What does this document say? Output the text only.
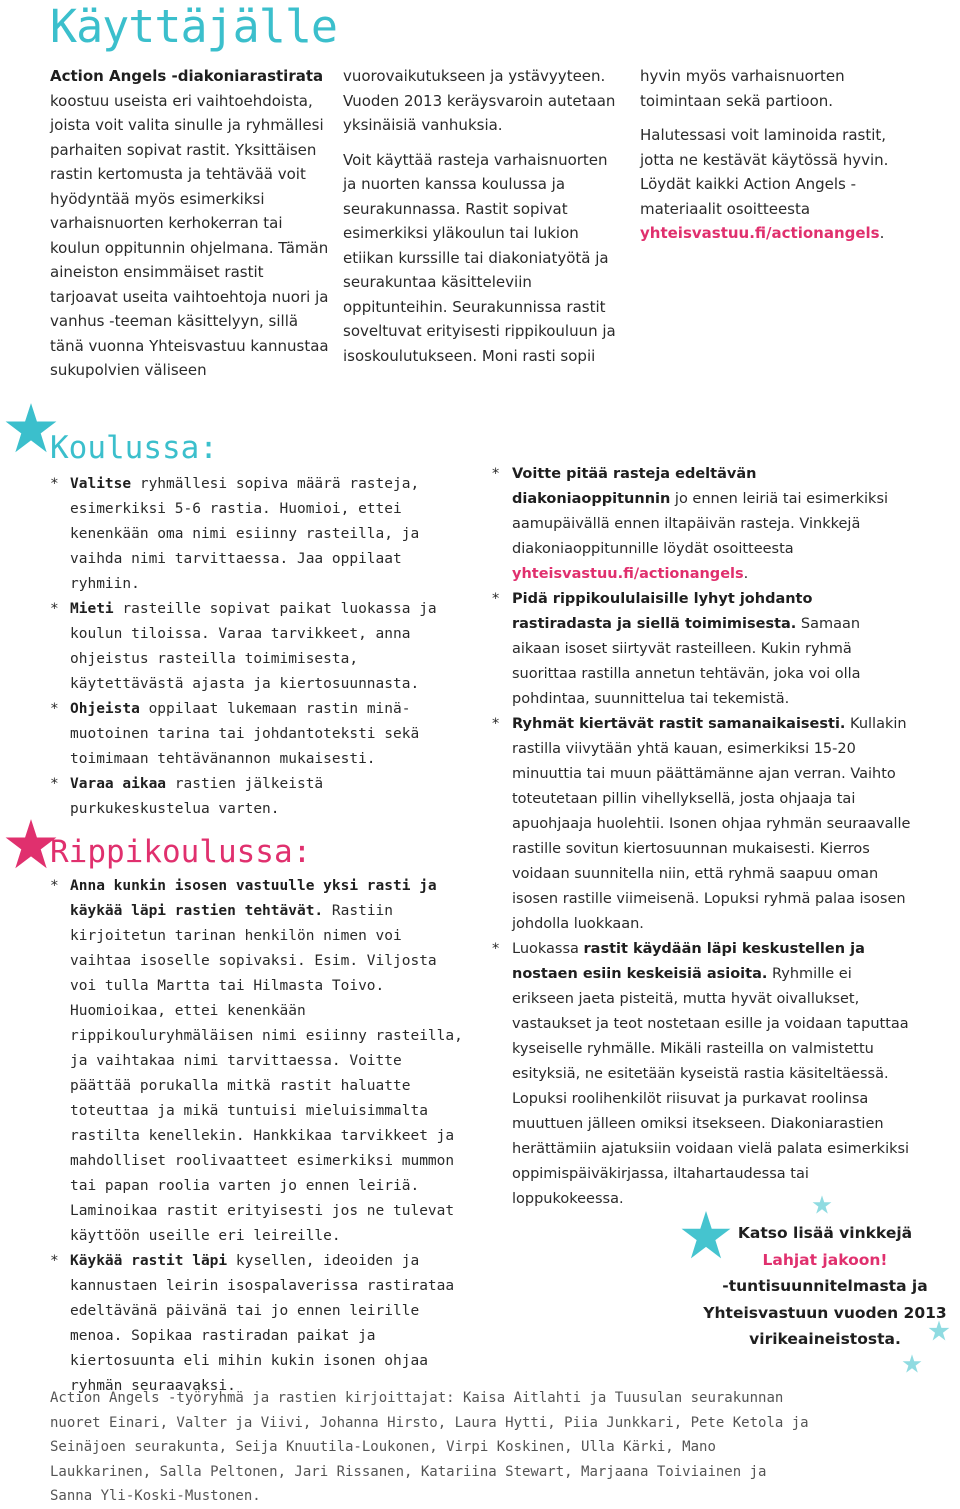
Käyttäjälle

Action Angels -diakoniarastirata koostuu useista eri vaihtoehdoista, joista voit valita sinulle ja ryhmällesi parhaiten sopivat rastit. Yksittäisen rastin kertomusta ja tehtävää voit hyödyntää myös esimerkiksi varhaisnuorten kerhokerran tai koulun oppitunnin ohjelmana. Tämän aineiston ensimmäiset rastit tarjoavat useita vaihtoehtoja nuori ja vanhus -teeman käsittelyyn, sillä tänä vuonna Yhteisvastuu kannustaa sukupolvien väliseen

vuorovaikutukseen ja ystävyyteen. Vuoden 2013 keräysvaroin autetaan yksinäisiä vanhuksia.

Voit käyttää rasteja varhaisnuorten ja nuorten kanssa koulussa ja seurakunnassa. Rastit sopivat esimerkiksi yläkoulun tai lukion etiikan kurssille tai diakoniatyötä ja seurakuntaa käsitteleviin oppitunteihin. Seurakunnissa rastit soveltuvat erityisesti rippikouluun ja isoskoulutukseen. Moni rasti sopii

hyvin myös varhaisnuorten toimintaan sekä partioon.

Halutessasi voit laminoida rastit, jotta ne kestävät käytössä hyvin. Löydät kaikki Action Angels -materiaalit osoitteesta yhteisvastuu.fi/actionangels.

Koulussa:
* Valitse ryhmällesi sopiva määrä rasteja, esimerkiksi 5-6 rastia. Huomioi, ettei kenenkään oma nimi esiinny rasteilla, ja vaihda nimi tarvittaessa. Jaa oppilaat ryhmiin.
* Mieti rasteille sopivat paikat luokassa ja koulun tiloissa. Varaa tarvikkeet, anna ohjeistus rasteilla toimimisesta, käytettävästä ajasta ja kiertosuunnasta.
* Ohjeista oppilaat lukemaan rastin minä-muotoinen tarina tai johdantoteksti sekä toimimaan tehtävänannon mukaisesti.
* Varaa aikaa rastien jälkeistä purkukeskustelua varten.
Rippikoulussa:
* Anna kunkin isosen vastuulle yksi rasti ja käykää läpi rastien tehtävät. Rastiin kirjoitetun tarinan henkilön nimen voi vaihtaa isoselle sopivaksi. Esim. Viljosta voi tulla Martta tai Hilmasta Toivo. Huomioikaa, ettei kenenkään rippikouluryhmäläisen nimi esiinny rasteilla, ja vaihtakaa nimi tarvittaessa. Voitte päättää porukalla mitkä rastit haluatte toteuttaa ja mikä tuntuisi mieluisimmalta rastilta kenellekin. Hankkikaa tarvikkeet ja mahdolliset roolivaatteet esimerkiksi mummon tai papan roolia varten jo ennen leiriä. Laminoikaa rastit erityisesti jos ne tulevat käyttöön useille eri leireille.
* Käykää rastit läpi kysellen, ideoiden ja kannustaen leirin isospalaverissa rastirataa edeltävänä päivänä tai jo ennen leirille menoa. Sopikaa rastiradan paikat ja kiertosuunta eli mihin kukin isonen ohjaa ryhmän seuraavaksi.
* Voitte pitää rasteja edeltävän diakoniaoppitunnin jo ennen leiriä tai esimerkiksi aamupäivällä ennen iltapäivän rasteja. Vinkkejä diakoniaoppitunnille löydät osoitteesta yhteisvastuu.fi/actionangels.
* Pidä rippikoululaisille lyhyt johdanto rastiradasta ja siellä toimimisesta. Samaan aikaan isoset siirtyvät rasteilleen. Kukin ryhmä suorittaa rastilla annetun tehtävän, joka voi olla pohdintaa, suunnittelua tai tekemistä.
* Ryhmät kiertävät rastit samanaikaisesti. Kullakin rastilla viivytään yhtä kauan, esimerkiksi 15-20 minuuttia tai muun päättämänne ajan verran. Vaihto toteutetaan pillin vihellyksellä, josta ohjaaja tai apuohjaaja huolehtii. Isonen ohjaa ryhmän seuraavalle rastille sovitun kiertosuunnan mukaisesti. Kierros voidaan suunnitella niin, että ryhmä saapuu oman isosen rastille viimeisenä. Lopuksi ryhmä palaa isosen johdolla luokkaan.
* Luokassa rastit käydään läpi keskustellen ja nostaen esiin keskeisiä asioita. Ryhmille ei erikseen jaeta pisteitä, mutta hyvät oivallukset, vastaukset ja teot nostetaan esille ja voidaan taputtaa kyseiselle ryhmälle. Mikäli rasteilla on valmistettu esityksiä, ne esitetään kyseistä rastia käsiteltäessä. Lopuksi roolihenkilöt riisuvat ja purkavat roolinsa muuttuen jälleen omiksi itsekseen. Diakoniarastien herättämiin ajatuksiin voidaan vielä palata esimerkiksi oppimispäiväkirjassa, iltahartaudessa tai loppukokeessa.
Katso lisää vinkkejä
Lahjat jakoon!
-tuntisuunnitelmasta ja Yhteisvastuun vuoden 2013 virikeaineistosta.
Action Angels -työryhmä ja rastien kirjoittajat: Kaisa Aitlahti ja Tuusulan seurakunnan nuoret Einari, Valter ja Viivi, Johanna Hirsto, Laura Hytti, Piia Junkkari, Pete Ketola ja Seinäjoen seurakunta, Seija Knuutila-Loukonen, Virpi Koskinen, Ulla Kärki, Mano Laukkarinen, Salla Peltonen, Jari Rissanen, Katariina Stewart, Marjaana Toiviainen ja Sanna Yli-Koski-Mustonen.
